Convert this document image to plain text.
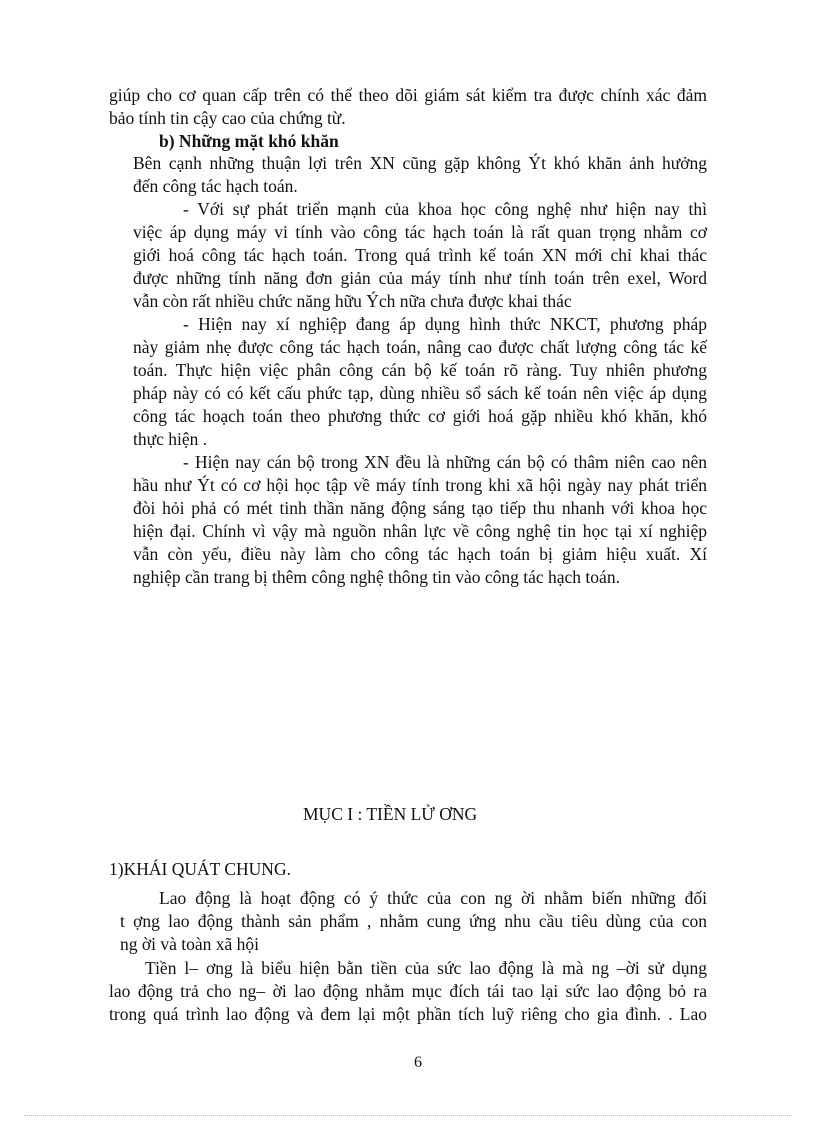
giúp cho cơ quan cấp trên có thể theo dõi giám sát kiểm tra được chính xác đảm
bảo tính tin cậy cao của chứng từ.
b) Những mặt khó khăn
Bên cạnh những thuận lợi trên XN cũng gặp không Ýt khó khăn ảnh hưởng
đến công tác hạch toán.
- Với sự phát triển mạnh của khoa học công nghệ như hiện nay thì
việc áp dụng máy vi tính vào công tác hạch toán là rất quan trọng nhằm cơ
giới hoá công tác hạch toán. Trong quá trình kế toán XN mới chỉ khai thác
được những tính năng đơn giản của máy tính như tính toán trên exel, Word
vẫn còn rất nhiều chức năng hữu Ých nữa chưa được khai thác
- Hiện nay xí nghiệp đang áp dụng hình thức NKCT, phương pháp
này giảm nhẹ được công tác hạch toán, nâng cao được chất lượng công tác kế
toán. Thực hiện việc phân công cán bộ kế toán rõ ràng. Tuy nhiên phương
pháp này có có kết cấu phức tạp, dùng nhiều sổ sách kế toán nên việc áp dụng
công tác hoạch toán theo phương thức cơ giới hoá gặp nhiều khó khăn, khó
thực hiện .
- Hiện nay cán bộ trong XN đều là những cán bộ có thâm niên cao nên
hầu như Ýt có cơ hội học tập về máy tính trong khi xã hội ngày nay phát triển
đòi hỏi phả có mét tinh thần năng động sáng tạo tiếp thu nhanh với khoa học
hiện đại. Chính vì vậy mà nguồn nhân lực về công nghệ tin học tại xí nghiệp
vẫn còn yếu, điều này làm cho công tác hạch toán bị giảm hiệu xuất. Xí
nghiệp cần trang bị thêm công nghệ thông tin vào công tác hạch toán.
MỤC I : TIỀN LỬ ƠNG
1)KHÁI QUÁT CHUNG.
Lao động là hoạt động có ý thức của con ng ời nhằm biến những đối
t ợng lao động thành sản phẩm , nhằm cung ứng nhu cầu tiêu dùng của con
ng ời và toàn xã hội
Tiền l– ơng là biểu hiện bằn tiền của sức lao động là mà ng –ời sử dụng
lao động trả cho ng– ời lao động nhằm mục đích tái tao lại sức lao động bỏ ra
trong quá trình lao động và đem lại một phần tích luỹ riêng cho gia đình. . Lao
6
